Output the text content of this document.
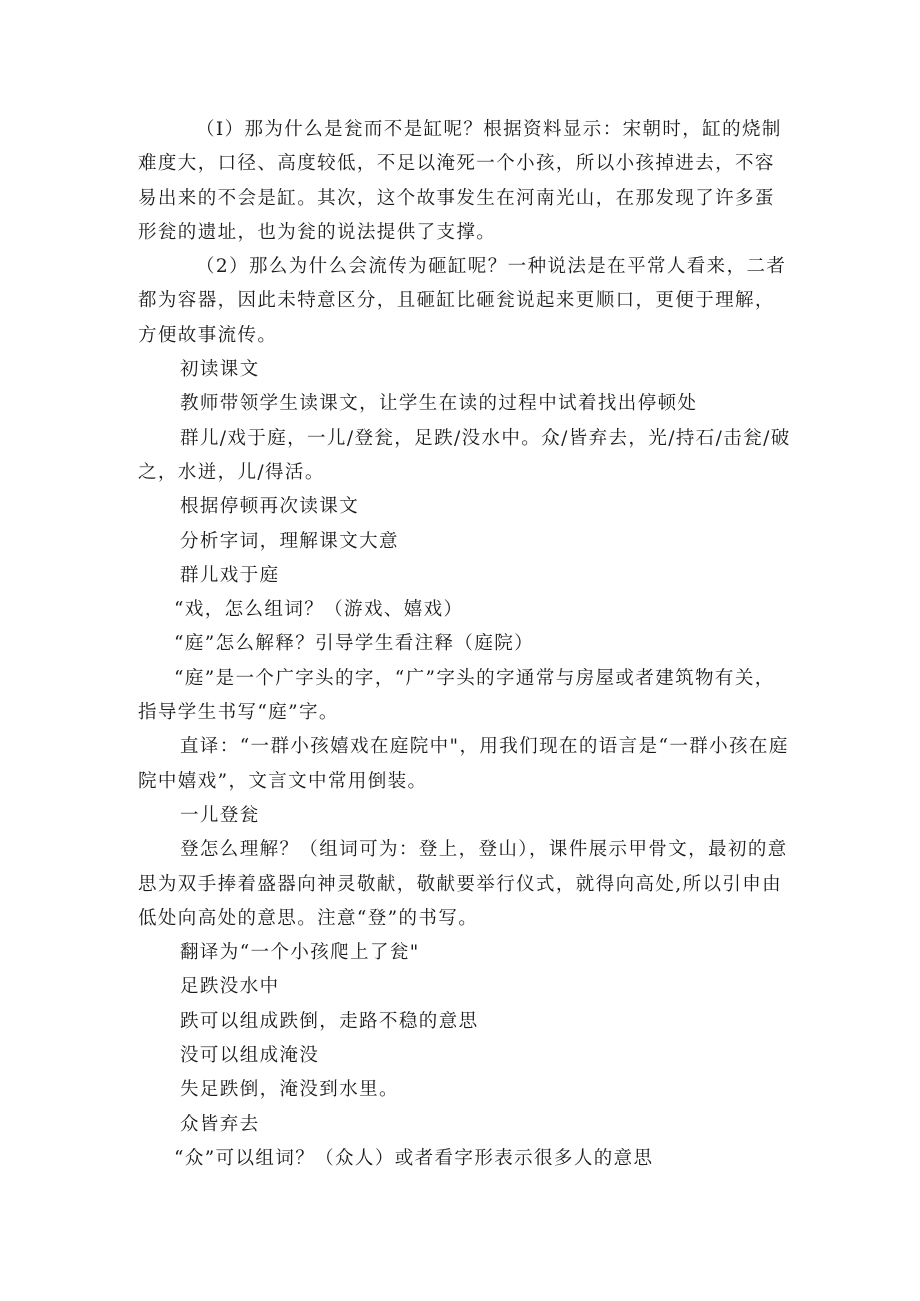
（I）那为什么是瓮而不是缸呢？根据资料显示：宋朝时，缸的烧制难度大，口径、高度较低，不足以淹死一个小孩，所以小孩掉进去，不容易出来的不会是缸。其次，这个故事发生在河南光山，在那发现了许多蛋形瓮的遗址，也为瓮的说法提供了支撑。

（2）那么为什么会流传为砸缸呢？一种说法是在平常人看来，二者都为容器，因此未特意区分，且砸缸比砸瓮说起来更顺口，更便于理解，方便故事流传。

初读课文

教师带领学生读课文，让学生在读的过程中试着找出停顿处

群儿/戏于庭，一儿/登瓮，足跌/没水中。众/皆弃去，光/持石/击瓮/破之，水迸，儿/得活。

根据停顿再次读课文

分析字词，理解课文大意

群儿戏于庭

“戏，怎么组词？（游戏、嬉戏）

“庭”怎么解释？引导学生看注释（庭院）

“庭”是一个广字头的字，“广”字头的字通常与房屋或者建筑物有关，指导学生书写“庭”字。

直译：“一群小孩嬉戏在庭院中"，用我们现在的语言是“一群小孩在庭院中嬉戏”，文言文中常用倒装。

一儿登瓮

登怎么理解？（组词可为：登上，登山），课件展示甲骨文，最初的意思为双手捧着盛器向神灵敬献，敬献要举行仪式，就得向高处,所以引申由低处向高处的意思。注意“登”的书写。

翻译为“一个小孩爬上了瓮"

足跌没水中

跌可以组成跌倒，走路不稳的意思

没可以组成淹没

失足跌倒，淹没到水里。

众皆弃去

“众”可以组词？（众人）或者看字形表示很多人的意思
